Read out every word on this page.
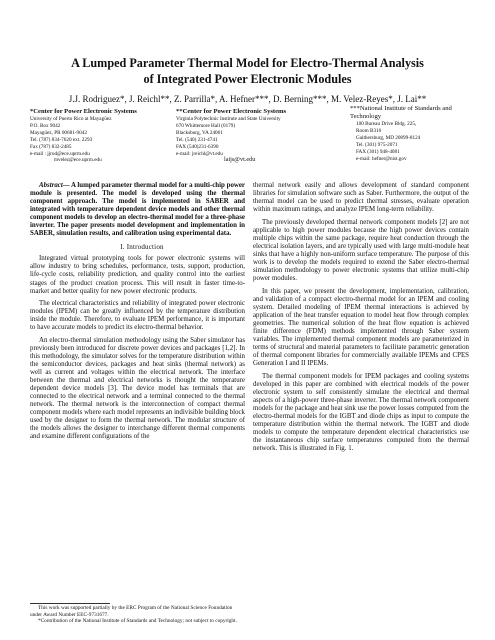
A Lumped Parameter Thermal Model for Electro-Thermal Analysis
of Integrated Power Electronic Modules
J.J. Rodriguez*, J. Reichl**, Z. Parrilla*, A. Hefner***, D. Berning***, M. Velez-Reyes*, J. Lai**
*Center for Power Electronic Systems
University of Puerto Rico at Mayagüez
P.O. Box 9042
Mayagüez, PR 00681-9042
Tel. (787) 834-7620 ext. 2293
Fax (787) 832-2485
e-mail : jjrod@ece.uprm.edu
mvelez@ece.uprm.edu
**Center for Power Electronic Systems
Virginia Polytechnic Institute and State University
670 Whittemore Hall (0179)
Blacksburg, VA 24061
Tel. (540) 231-4741
FAX (540)231-6390
e-mail: jreichl@vt.edu
laijs@vt.edu
***National Institute of Standards and Technology
100 Bureau Drive Bldg. 225,
Room B316
Gaithersburg, MD 20899-8124
Tel. (301) 975-2071
FAX (301) 948-4081
e-mail: hefner@nist.gov

Abstract— A lumped parameter thermal model for a multi-chip power module is presented. The model is developed using the thermal component approach. The model is implemented in SABER and integrated with temperature dependent device models and other thermal component models to develop an electro-thermal model for a three-phase inverter. The paper presents model development and implementation in SABER, simulation results, and calibration using experimental data.

I. Introduction

Integrated virtual prototyping tools for power electronic systems will allow industry to bring schedules, performance, tests, support, production, life-cycle costs, reliability prediction, and quality control into the earliest stages of the product creation process. This will result in faster time-to-market and better quality for new power electronic products.

The electrical characteristics and reliability of integrated power electronic modules (IPEM) can be greatly influenced by the temperature distribution inside the module. Therefore, to evaluate IPEM performance, it is important to have accurate models to predict its electro-thermal behavior.

An electro-thermal simulation methodology using the Saber simulator has previously been introduced for discrete power devices and packages [1,2]. In this methodology, the simulator solves for the temperature distribution within the semiconductor devices, packages and heat sinks (thermal network) as well as current and voltages within the electrical network. The interface between the thermal and electrical networks is thought the temperature dependent device models [3]. The device model has terminals that are connected to the electrical network and a terminal connected to the thermal network. The thermal network is the interconnection of compact thermal component models where each model represents an indivisible building block used by the designer to form the thermal network. The modular structure of the models allows the designer to interchange different thermal components and examine different configurations of the

thermal network easily and allows development of standard component libraries for simulation software such as Saber. Furthermore, the output of the thermal model can be used to predict thermal stresses, evaluate operation within maximum ratings, and analyze IPEM long-term reliability.

The previously developed thermal network component models [2] are not applicable to high power modules because the high power devices contain multiple chips within the same package, require heat conduction through the electrical isolation layers, and are typically used with large multi-module heat sinks that have a highly non-uniform surface temperature. The purpose of this work is to develop the models required to extend the Saber electro-thermal simulation methodology to power electronic systems that utilize multi-chip power modules.

In this paper, we present the development, implementation, calibration, and validation of a compact electro-thermal model for an IPEM and cooling system. Detailed modeling of IPEM thermal interactions is achieved by application of the heat transfer equation to model heat flow through complex geometries. The numerical solution of the heat flow equation is achieved finite difference (FDM) methods implemented through Saber system variables. The implemented thermal component models are parameterized in terms of structural and material parameters to facilitate parametric generation of thermal component libraries for commercially available IPEMs and CPES Generation I and II IPEMs.

The thermal component models for IPEM packages and cooling systems developed in this paper are combined with electrical models of the power electronic system to self consistently simulate the electrical and thermal aspects of a high-power three-phase inverter. The thermal network component models for the package and heat sink use the power losses computed from the electro-thermal models for the IGBT and diode chips as input to compute the temperature distribution within the thermal network. The IGBT and diode models to compute the temperature dependent electrical characteristics use the instantaneous chip surface temperatures computed from the thermal network. This is illustrated in Fig. 1.

This work was supported partially by the ERC Program of the National Science Foundation under Award Number EEC-9731677.
*Contribution of the National Institute of Standards and Technology; not subject to copyright.
